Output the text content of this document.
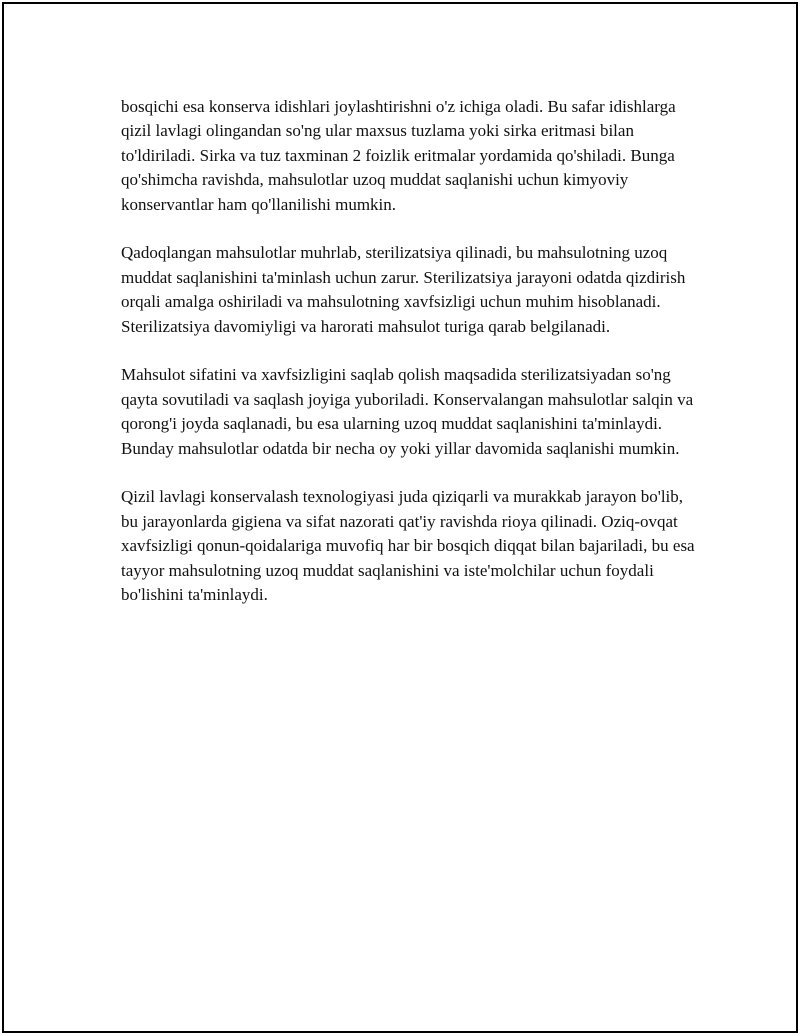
bosqichi esa konserva idishlari joylashtirishni o'z ichiga oladi. Bu safar idishlarga qizil lavlagi olingandan so'ng ular maxsus tuzlama yoki sirka eritmasi bilan to'ldiriladi. Sirka va tuz taxminan 2 foizlik eritmalar yordamida qo'shiladi. Bunga qo'shimcha ravishda, mahsulotlar uzoq muddat saqlanishi uchun kimyoviy konservantlar ham qo'llanilishi mumkin.

Qadoqlangan mahsulotlar muhrlab, sterilizatsiya qilinadi, bu mahsulotning uzoq muddat saqlanishini ta'minlash uchun zarur. Sterilizatsiya jarayoni odatda qizdirish orqali amalga oshiriladi va mahsulotning xavfsizligi uchun muhim hisoblanadi. Sterilizatsiya davomiyligi va harorati mahsulot turiga qarab belgilanadi.

Mahsulot sifatini va xavfsizligini saqlab qolish maqsadida sterilizatsiyadan so'ng qayta sovutiladi va saqlash joyiga yuboriladi. Konservalangan mahsulotlar salqin va qorong'i joyda saqlanadi, bu esa ularning uzoq muddat saqlanishini ta'minlaydi. Bunday mahsulotlar odatda bir necha oy yoki yillar davomida saqlanishi mumkin.

Qizil lavlagi konservalash texnologiyasi juda qiziqarli va murakkab jarayon bo'lib, bu jarayonlarda gigiena va sifat nazorati qat'iy ravishda rioya qilinadi. Oziq-ovqat xavfsizligi qonun-qoidalariga muvofiq har bir bosqich diqqat bilan bajariladi, bu esa tayyor mahsulotning uzoq muddat saqlanishini va iste'molchilar uchun foydali bo'lishini ta'minlaydi.
